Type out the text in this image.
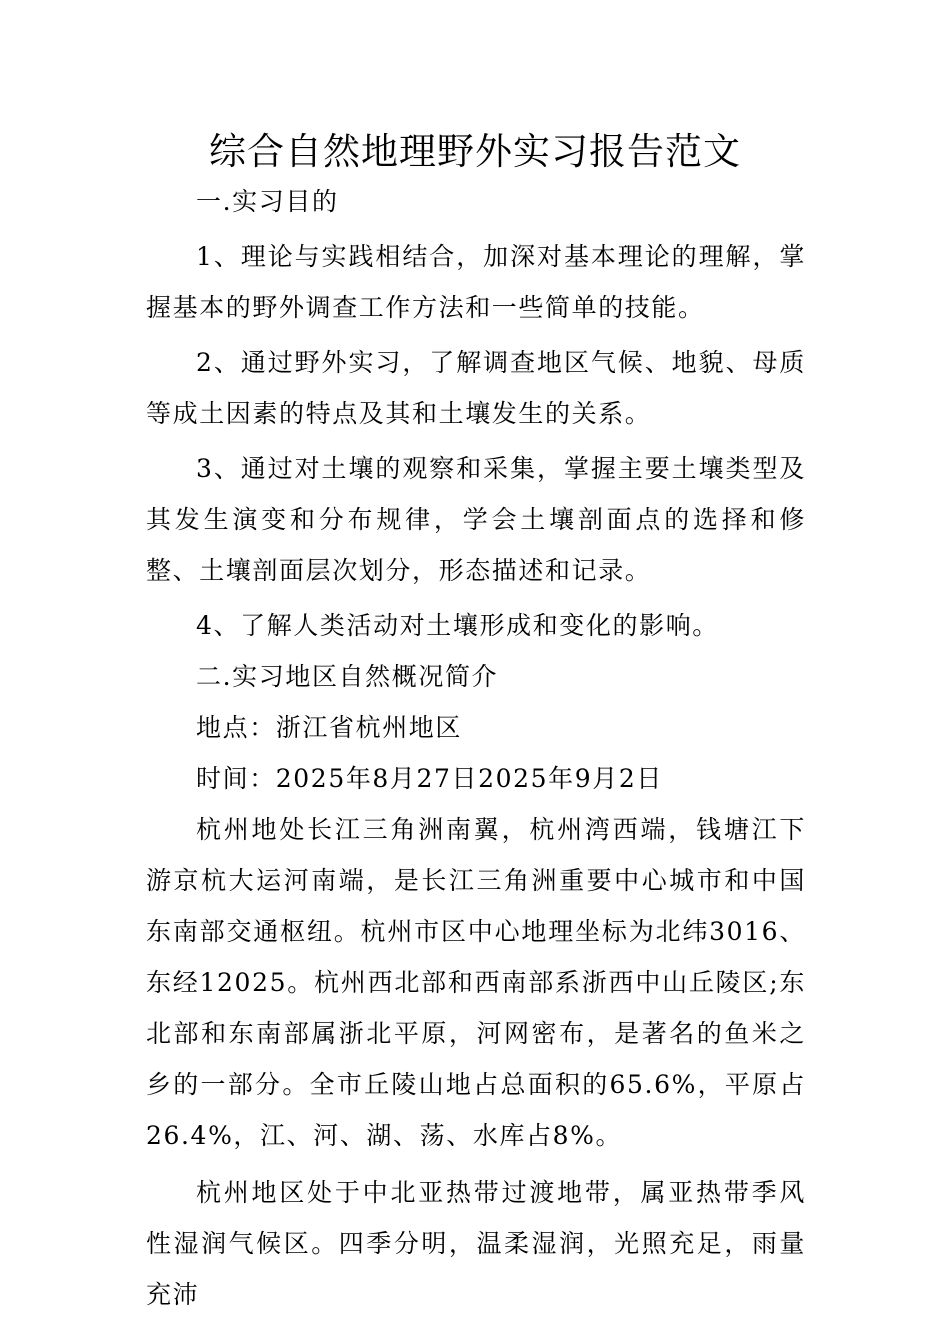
综合自然地理野外实习报告范文

一.实习目的

1、理论与实践相结合，加深对基本理论的理解，掌握基本的野外调查工作方法和一些简单的技能。

2、通过野外实习，了解调查地区气候、地貌、母质等成土因素的特点及其和土壤发生的关系。

3、通过对土壤的观察和采集，掌握主要土壤类型及其发生演变和分布规律，学会土壤剖面点的选择和修整、土壤剖面层次划分，形态描述和记录。

4、了解人类活动对土壤形成和变化的影响。

二.实习地区自然概况简介

地点：浙江省杭州地区

时间：2025年8月27日2025年9月2日

杭州地处长江三角洲南翼，杭州湾西端，钱塘江下游京杭大运河南端，是长江三角洲重要中心城市和中国东南部交通枢纽。杭州市区中心地理坐标为北纬3016、东经12025。杭州西北部和西南部系浙西中山丘陵区;东北部和东南部属浙北平原，河网密布，是著名的鱼米之乡的一部分。全市丘陵山地占总面积的65.6%，平原占26.4%，江、河、湖、荡、水库占8%。

杭州地区处于中北亚热带过渡地带，属亚热带季风性湿润气候区。四季分明，温柔湿润，光照充足，雨量充沛
